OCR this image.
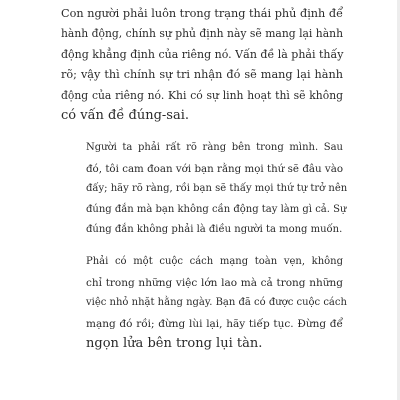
Con người phải luôn trong trạng thái phủ định để
hành động, chính sự phủ định này sẽ mang lại hành
động khẳng định của riêng nó. Vấn đề là phải thấy
rõ; vậy thì chính sự tri nhận đó sẽ mang lại hành
động của riêng nó. Khi có sự linh hoạt thì sẽ không
có vấn đề đúng-sai.

Người ta phải rất rõ ràng bên trong mình. Sau
đó, tôi cam đoan với bạn rằng mọi thứ sẽ đâu vào
đấy; hãy rõ ràng, rồi bạn sẽ thấy mọi thứ tự trở nên
đúng đắn mà bạn không cần động tay làm gì cả. Sự
đúng đắn không phải là điều người ta mong muốn.

Phải có một cuộc cách mạng toàn vẹn, không
chỉ trong những việc lớn lao mà cả trong những
việc nhỏ nhặt hằng ngày. Bạn đã có được cuộc cách
mạng đó rồi; đừng lùi lại, hãy tiếp tục. Đừng để
ngọn lửa bên trong lụi tàn.
